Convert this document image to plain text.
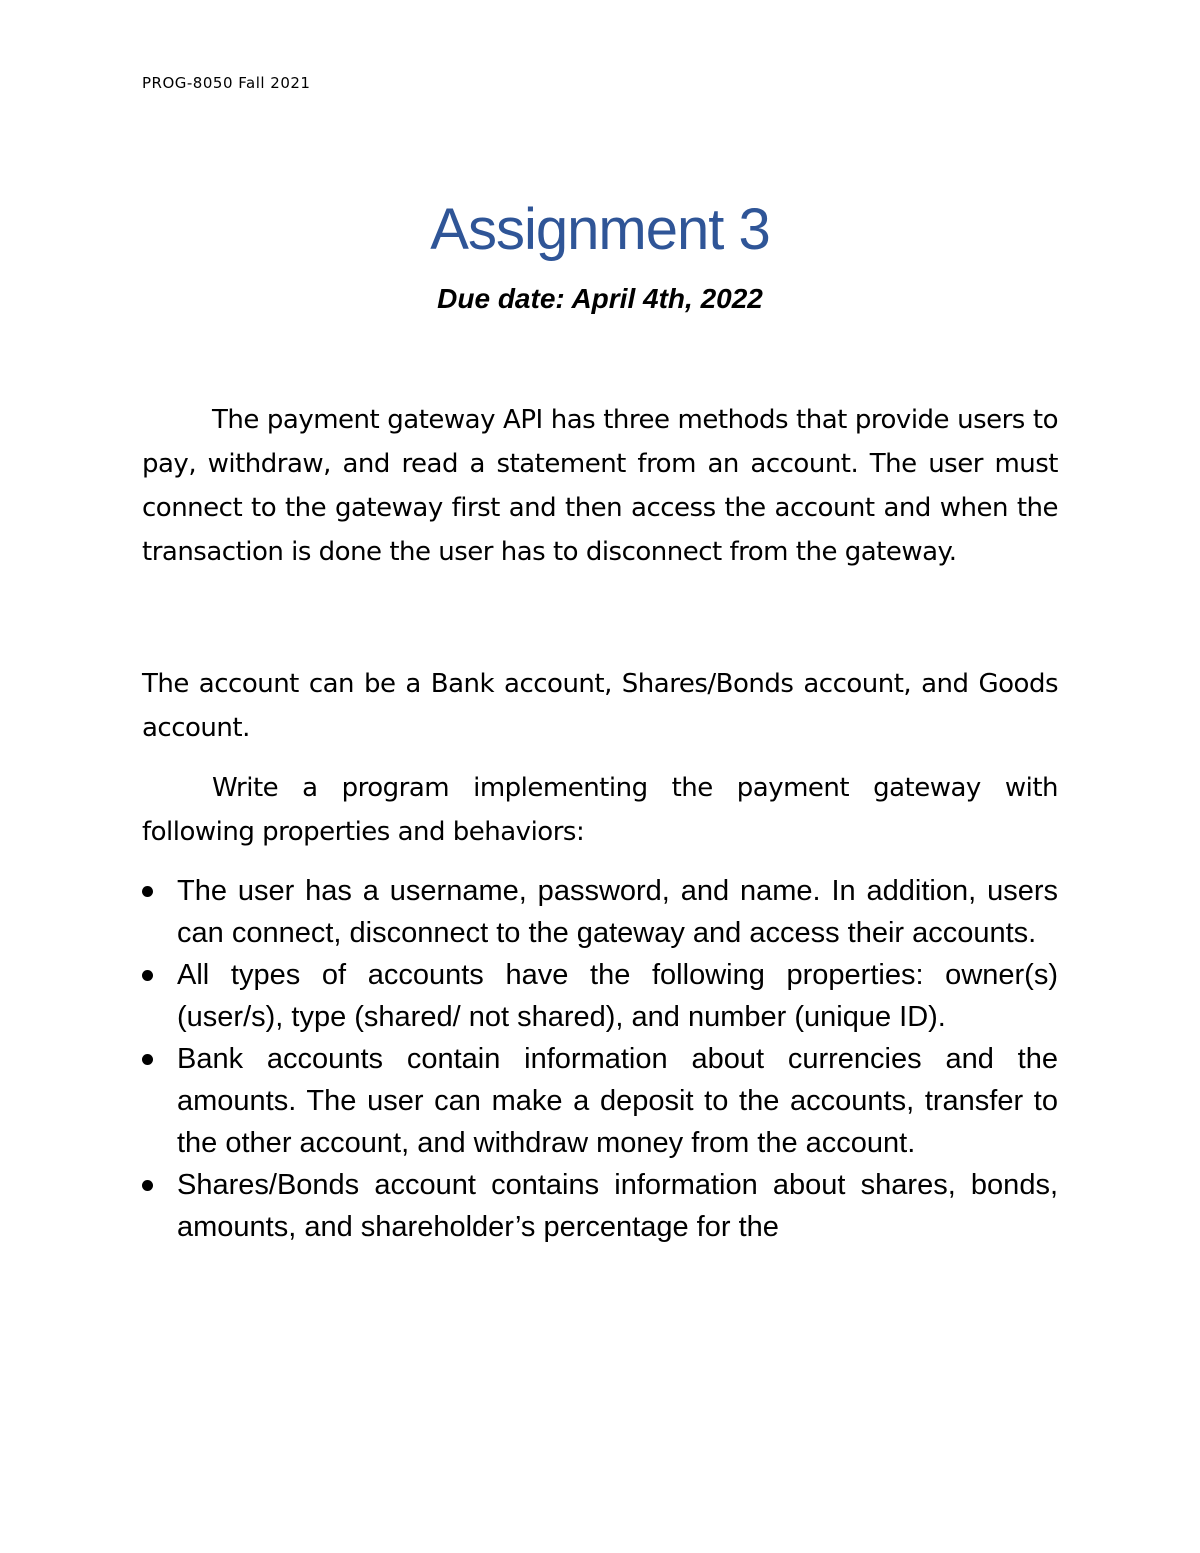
PROG-8050 Fall 2021
Assignment 3
Due date: April 4th, 2022

The payment gateway API has three methods that provide users to pay, withdraw, and read a statement from an account. The user must connect to the gateway first and then access the account and when the transaction is done the user has to disconnect from the gateway.

The account can be a Bank account, Shares/Bonds account, and Goods account.

Write a program implementing the payment gateway with following properties and behaviors:

The user has a username, password, and name. In addition, users can connect, disconnect to the gateway and access their accounts.
All types of accounts have the following properties: owner(s) (user/s), type (shared/ not shared), and number (unique ID).
Bank accounts contain information about currencies and the amounts. The user can make a deposit to the accounts, transfer to the other account, and withdraw money from the account.
Shares/Bonds account contains information about shares, bonds, amounts, and shareholder’s percentage for the
